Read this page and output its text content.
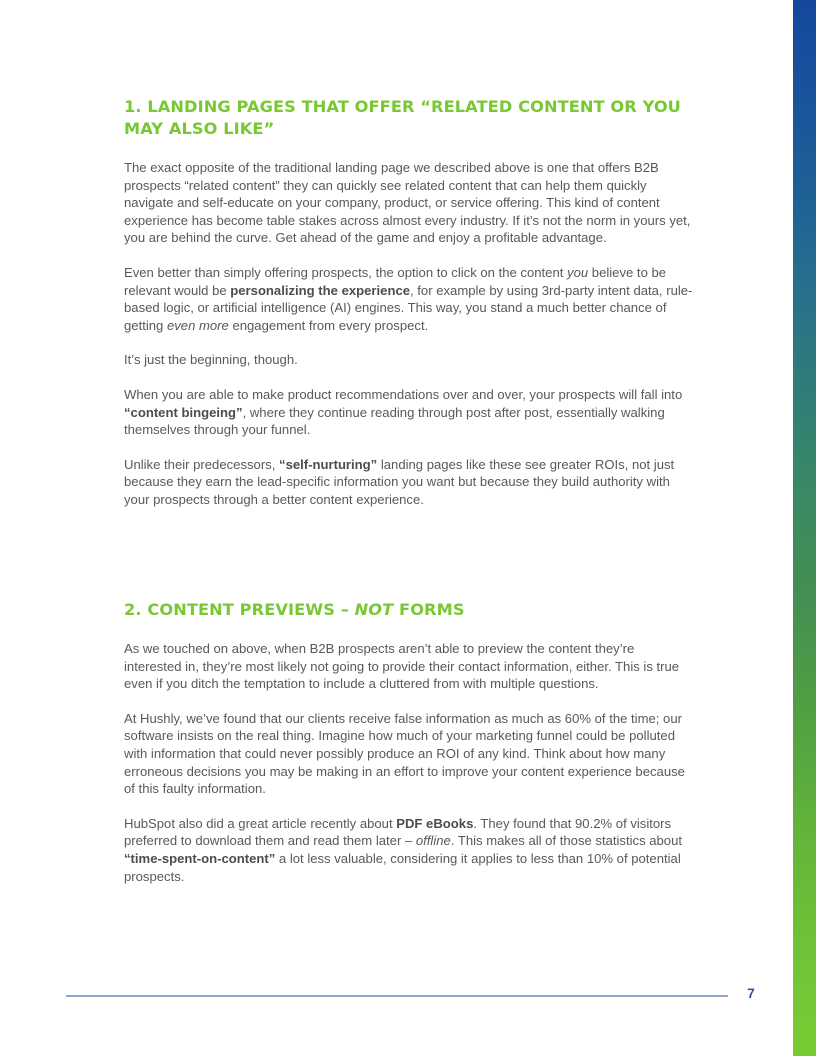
1. LANDING PAGES THAT OFFER “RELATED CONTENT OR YOU MAY ALSO LIKE”

The exact opposite of the traditional landing page we described above is one that offers B2B prospects “related content” they can quickly see related content that can help them quickly navigate and self-educate on your company, product, or service offering. This kind of content experience has become table stakes across almost every industry. If it’s not the norm in yours yet, you are behind the curve. Get ahead of the game and enjoy a profitable advantage.

Even better than simply offering prospects, the option to click on the content you believe to be relevant would be personalizing the experience, for example by using 3rd-party intent data, rule-based logic, or artificial intelligence (AI) engines. This way, you stand a much better chance of getting even more engagement from every prospect.

It’s just the beginning, though.

When you are able to make product recommendations over and over, your prospects will fall into “content bingeing”, where they continue reading through post after post, essentially walking themselves through your funnel.

Unlike their predecessors, “self-nurturing” landing pages like these see greater ROIs, not just because they earn the lead-specific information you want but because they build authority with your prospects through a better content experience.

2. CONTENT PREVIEWS – NOT FORMS

As we touched on above, when B2B prospects aren’t able to preview the content they’re interested in, they’re most likely not going to provide their contact information, either. This is true even if you ditch the temptation to include a cluttered from with multiple questions.

At Hushly, we’ve found that our clients receive false information as much as 60% of the time; our software insists on the real thing. Imagine how much of your marketing funnel could be polluted with information that could never possibly produce an ROI of any kind. Think about how many erroneous decisions you may be making in an effort to improve your content experience because of this faulty information.

HubSpot also did a great article recently about PDF eBooks. They found that 90.2% of visitors preferred to download them and read them later – offline. This makes all of those statistics about “time-spent-on-content” a lot less valuable, considering it applies to less than 10% of potential prospects.

7
